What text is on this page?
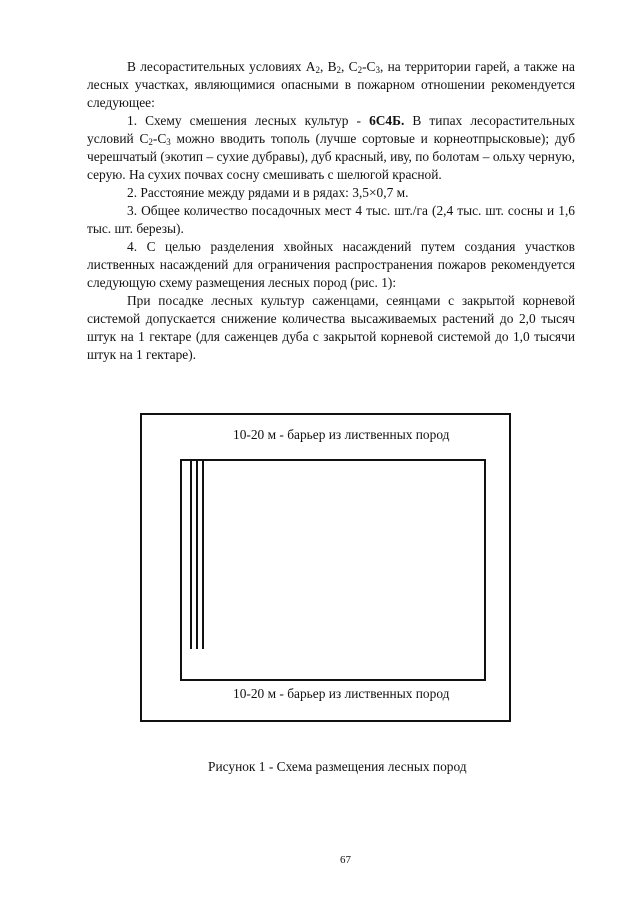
В лесорастительных условиях $А_2$, $В_2$, $С_2-С_3$, на территории гарей, а также на лесных участках, являющимися опасными в пожарном отношении рекомендуется следующее:

1. Схему смешения лесных культур - 6С4Б. В типах лесорастительных условий $С_2-С_3$ можно вводить тополь (лучше сортовые и корнеотпрысковые); дуб черешчатый (экотип – сухие дубравы), дуб красный, иву, по болотам – ольху черную, серую. На сухих почвах сосну смешивать с шелюгой красной.

2. Расстояние между рядами и в рядах: 3,5×0,7 м.

3. Общее количество посадочных мест 4 тыс. шт./га (2,4 тыс. шт. сосны и 1,6 тыс. шт. березы).

4. С целью разделения хвойных насаждений путем создания участков лиственных насаждений для ограничения распространения пожаров рекомендуется следующую схему размещения лесных пород (рис. 1):

При посадке лесных культур саженцами, сеянцами с закрытой корневой системой допускается снижение количества высаживаемых растений до 2,0 тысяч штук на 1 гектаре (для саженцев дуба с закрытой корневой системой до 1,0 тысячи штук на 1 гектаре).

10-20 м - барьер из лиственных пород
10-20 м - барьер из лиственных пород
Рисунок 1 - Схема размещения лесных пород
67
